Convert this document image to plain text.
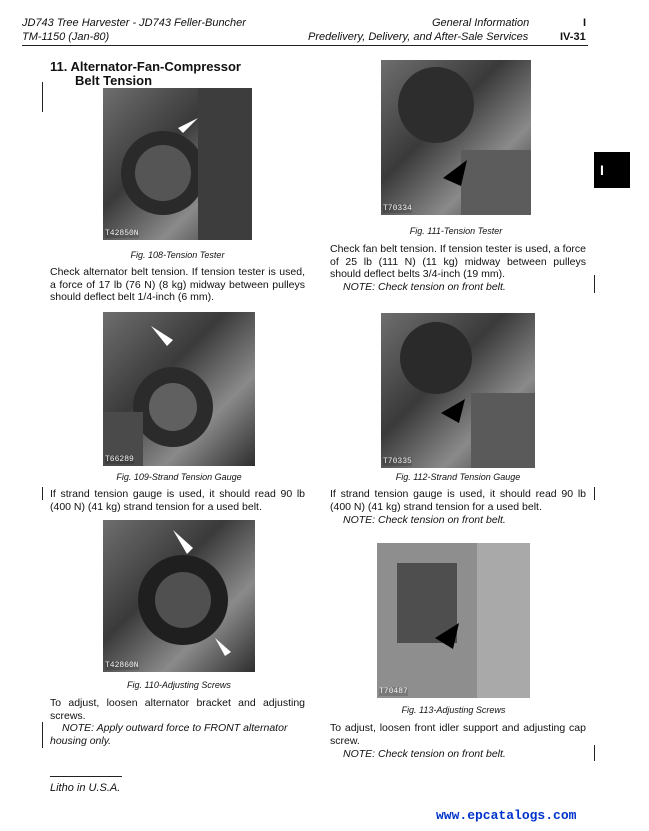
JD743 Tree Harvester - JD743 Feller-Buncher
TM-1150 (Jan-80)
General Information	I
Predelivery, Delivery, and After-Sale Services	IV-31
11. Alternator-Fan-Compressor
Belt Tension
T42850N
Fig. 108-Tension Tester
Check alternator belt tension. If tension tester is used, a force of 17 lb (76 N) (8 kg) midway between pulleys should deflect belt 1/4-inch (6 mm).
T66289
Fig. 109-Strand Tension Gauge
If strand tension gauge is used, it should read 90 lb (400 N) (41 kg) strand tension for a used belt.
T42860N
Fig. 110-Adjusting Screws
To adjust, loosen alternator bracket and adjusting screws.
NOTE: Apply outward force to FRONT alternator
housing only.
T70334
Fig. 111-Tension Tester
Check fan belt tension. If tension tester is used, a force of 25 lb (111 N) (11 kg) midway between pulleys should deflect belts 3/4-inch (19 mm).
NOTE: Check tension on front belt.
T70335
Fig. 112-Strand Tension Gauge
If strand tension gauge is used, it should read 90 lb (400 N) (41 kg) strand tension for a used belt.
NOTE: Check tension on front belt.
T70487
Fig. 113-Adjusting Screws
To adjust, loosen front idler support and adjusting cap screw.
NOTE: Check tension on front belt.
I
Litho in U.S.A.
www.epcatalogs.com
